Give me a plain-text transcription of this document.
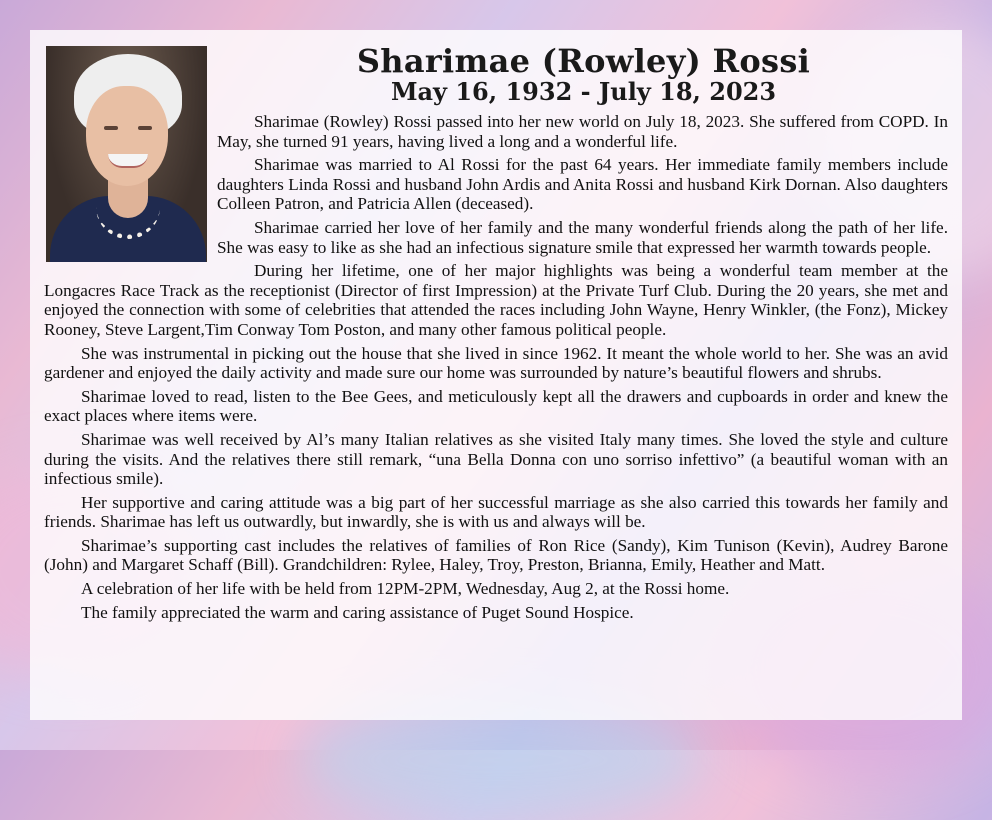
Sharimae (Rowley) Rossi
May 16, 1932 - July 18, 2023

Sharimae (Rowley) Rossi passed into her new world on July 18, 2023. She suffered from COPD. In May, she turned 91 years, having lived a long and a wonderful life.

Sharimae was married to Al Rossi for the past 64 years. Her immediate family members include daughters Linda Rossi and husband John Ardis and Anita Rossi and husband Kirk Dornan. Also daughters Colleen Patron, and Patricia Allen (deceased).

Sharimae carried her love of her family and the many wonderful friends along the path of her life. She was easy to like as she had an infectious signature smile that expressed her warmth towards people.

During her lifetime, one of her major highlights was being a wonderful team member at the Longacres Race Track as the receptionist (Director of first Impression) at the Private Turf Club. During the 20 years, she met and enjoyed the connection with some of celebrities that attended the races including John Wayne, Henry Winkler, (the Fonz), Mickey Rooney, Steve Largent,Tim Conway Tom Poston, and many other famous political people.

She was instrumental in picking out the house that she lived in since 1962. It meant the whole world to her. She was an avid gardener and enjoyed the daily activity and made sure our home was surrounded by nature’s beautiful flowers and shrubs.

Sharimae loved to read, listen to the Bee Gees, and meticulously kept all the drawers and cupboards in order and knew the exact places where items were.

Sharimae was well received by Al’s many Italian relatives as she visited Italy many times. She loved the style and culture during the visits. And the relatives there still remark, “una Bella Donna con uno sorriso infettivo” (a beautiful woman with an infectious smile).

Her supportive and caring attitude was a big part of her successful marriage as she also carried this towards her family and friends. Sharimae has left us outwardly, but inwardly, she is with us and always will be.

Sharimae’s supporting cast includes the relatives of families of Ron Rice (Sandy), Kim Tunison (Kevin), Audrey Barone (John) and Margaret Schaff (Bill). Grandchildren: Rylee, Haley, Troy, Preston, Brianna, Emily, Heather and Matt.

A celebration of her life with be held from 12PM-2PM, Wednesday, Aug 2, at the Rossi home.

The family appreciated the warm and caring assistance of Puget Sound Hospice.
